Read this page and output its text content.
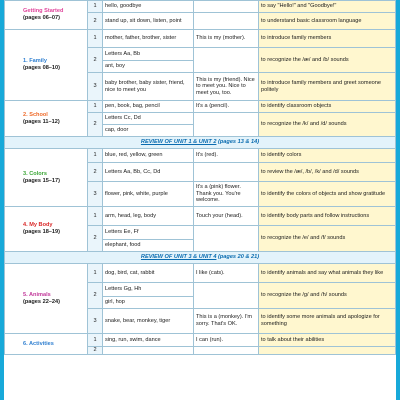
Getting Started
(pages 06–07)	1	hello, goodbye		to say "Hello!" and "Goodbye!"
	2	stand up, sit down, listen, point		to understand basic classroom language

1. Family
(pages 08–10)	1	mother, father, brother, sister	This is my (mother).	to introduce family members
	2	Letters Aa, Bb		to recognize the /æ/ and /b/ sounds
		ant, boy		
	3	baby brother, baby sister, friend, nice to meet you	This is my (friend). Nice to meet you. Nice to meet you, too.	to introduce family members and greet someone politely

2. School
(pages 11–12)	1	pen, book, bag, pencil	It's a (pencil).	to identify classroom objects
	2	Letters Cc, Dd		to recognize the /k/ and /d/ sounds
		cap, door		
REVIEW OF UNIT 1 & UNIT 2 (pages 13 & 14)				

3. Colors
(pages 15–17)	1	blue, red, yellow, green	It's (red).	to identify colors
	2	Letters Aa, Bb, Cc, Dd		to review the /æ/, /b/, /k/ and /d/ sounds
	3	flower, pink, white, purple	It's a (pink) flower. Thank you. You're welcome.	to identify the colors of objects and show gratitude

4. My Body
(pages 18–19)	1	arm, head, leg, body	Touch your (head).	to identify body parts and follow instructions
	2	Letters Ee, Ff		to recognize the /e/ and /f/ sounds
		elephant, food		
REVIEW OF UNIT 3 & UNIT 4 (pages 20 & 21)				

5. Animals
(pages 22–24)	1	dog, bird, cat, rabbit	I like (cats).	to identify animals and say what animals they like
	2	Letters Gg, Hh		to recognize the /g/ and /h/ sounds
		girl, hop		
	3	snake, bear, monkey, tiger	This is a (monkey). I'm sorry. That's OK.	to identify some more animals and apologize for something

6. Activities	1	sing, run, swim, dance	I can (run).	to talk about their abilities
	2			
